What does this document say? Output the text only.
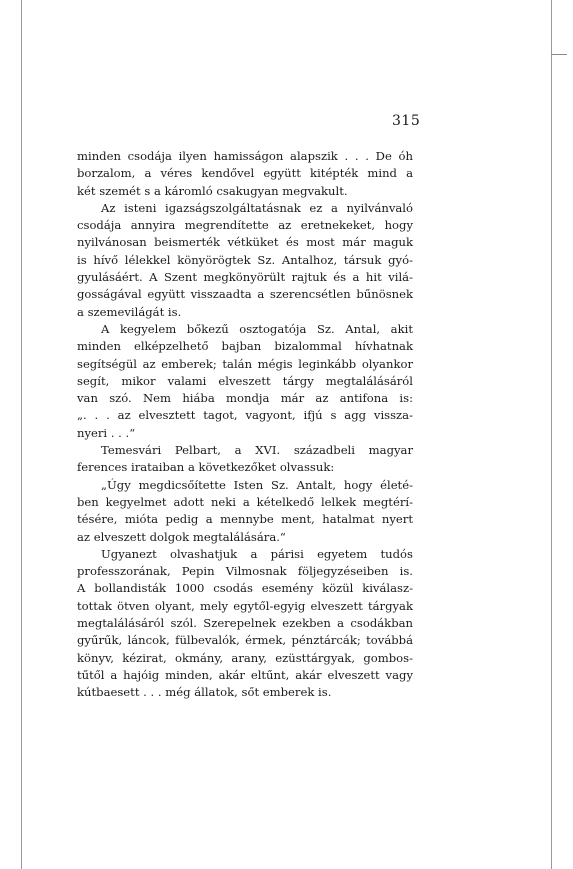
315
minden csodája ilyen hamisságon alapszik . . . De óh
borzalom, a véres kendővel együtt kitépték mind a
két szemét s a káromló csakugyan megvakult.
Az isteni igazságszolgáltatásnak ez a nyilvánvaló
csodája annyira megrendítette az eretnekeket, hogy
nyilvánosan beismerték vétküket és most már maguk
is hívő lélekkel könyörögtek Sz. Antalhoz, társuk gyó-
gyulásáért. A Szent megkönyörült rajtuk és a hit vilá-
gosságával együtt visszaadta a szerencsétlen bűnösnek
a szemevilágát is.
A kegyelem bőkezű osztogatója Sz. Antal, akit
minden elképzelhető bajban bizalommal hívhatnak
segítségül az emberek; talán mégis leginkább olyankor
segít, mikor valami elveszett tárgy megtalálásáról
van szó. Nem hiába mondja már az antifona is:
„. . . az elvesztett tagot, vagyont, ifjú s agg vissza-
nyeri . . .“
Temesvári Pelbart, a XVI. századbeli magyar
ferences irataiban a következőket olvassuk:
„Úgy megdicsőítette Isten Sz. Antalt, hogy életé-
ben kegyelmet adott neki a kételkedő lelkek megtérí-
tésére, mióta pedig a mennybe ment, hatalmat nyert
az elveszett dolgok megtalálására.“
Ugyanezt olvashatjuk a párisi egyetem tudós
professzorának, Pepin Vilmosnak följegyzéseiben is.
A bollandisták 1000 csodás esemény közül kiválasz-
tottak ötven olyant, mely egytől-egyig elveszett tárgyak
megtalálásáról szól. Szerepelnek ezekben a csodákban
gyűrűk, láncok, fülbevalók, érmek, pénztárcák; továbbá
könyv, kézirat, okmány, arany, ezüsttárgyak, gombos-
tűtől a hajóig minden, akár eltűnt, akár elveszett vagy
kútbaesett . . . még állatok, sőt emberek is.
